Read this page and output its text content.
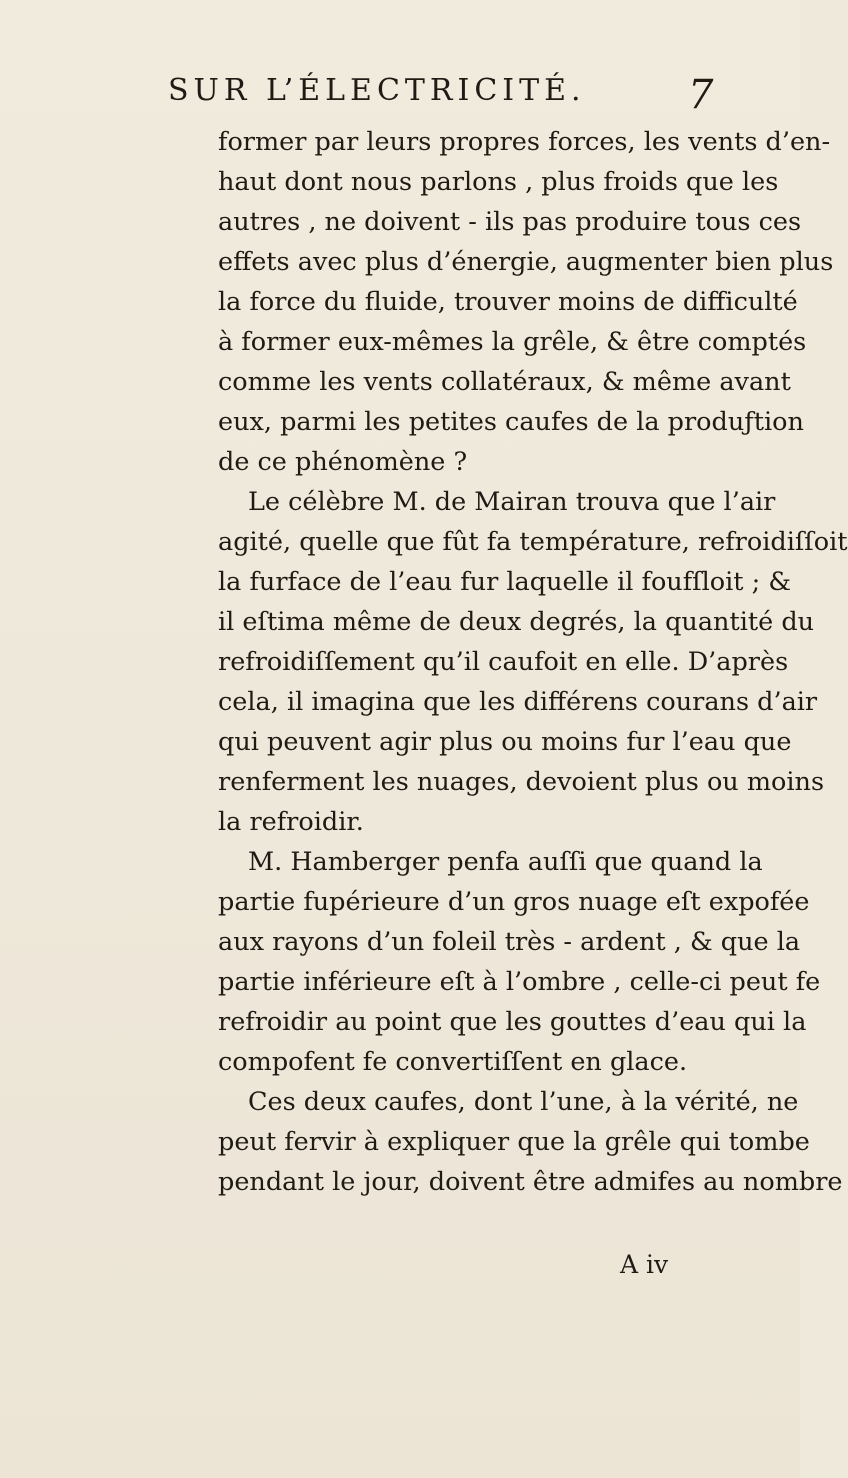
SUR L’ÉLECTRICITÉ.	7
former par leurs propres forces, les vents d’en-
haut dont nous parlons , plus froids que les
autres , ne doivent - ils pas produire tous ces
effets avec plus d’énergie, augmenter bien plus
la force du fluide, trouver moins de difficulté
à former eux-mêmes la grêle, & être comptés
comme les vents collatéraux, & même avant
eux, parmi les petites caufes de la produƒtion
de ce phénomène ?
Le célèbre M. de Mairan trouva que l’air
agité, quelle que fût fa température, refroidiſſoit
la furface de l’eau fur laquelle il foufſloit ; &
il eſtima même de deux degrés, la quantité du
refroidiſſement qu’il caufoit en elle. D’après
cela, il imagina que les différens courans d’air
qui peuvent agir plus ou moins fur l’eau que
renferment les nuages, devoient plus ou moins
la refroidir.
M. Hamberger penfa auſſi que quand la
partie fupérieure d’un gros nuage eſt expofée
aux rayons d’un foleil très - ardent , & que la
partie inférieure eſt à l’ombre , celle-ci peut fe
refroidir au point que les gouttes d’eau qui la
compofent fe convertiſſent en glace.
Ces deux caufes, dont l’une, à la vérité, ne
peut fervir à expliquer que la grêle qui tombe
pendant le jour, doivent être admifes au nombre
A iv
